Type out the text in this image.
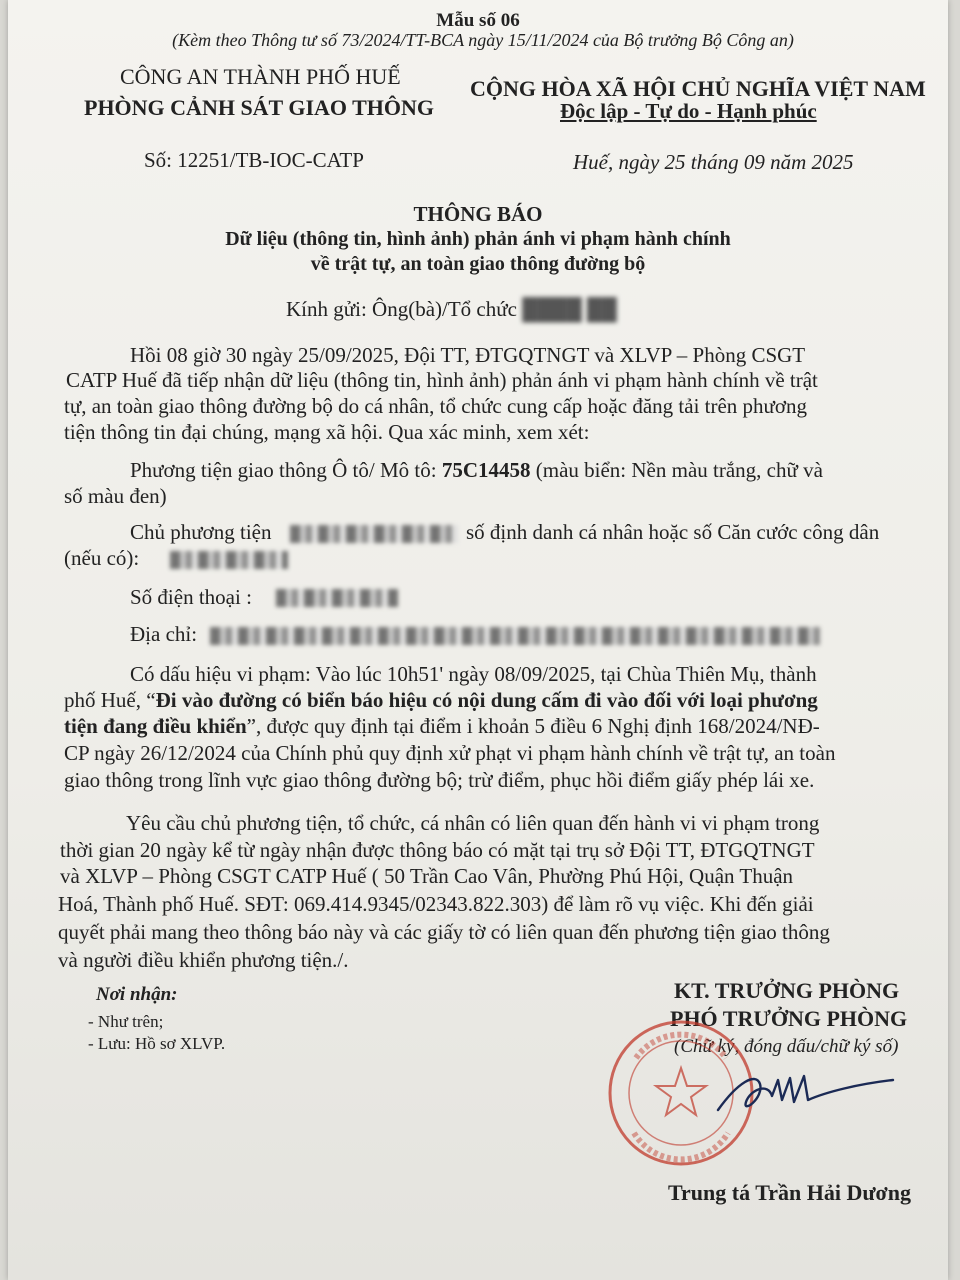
Mẫu số 06
(Kèm theo Thông tư số 73/2024/TT-BCA ngày 15/11/2024 của Bộ trưởng Bộ Công an)
CÔNG AN THÀNH PHỐ HUẾ
PHÒNG CẢNH SÁT GIAO THÔNG
CỘNG HÒA XÃ HỘI CHỦ NGHĨA VIỆT NAM
Độc lập - Tự do - Hạnh phúc
Số: 12251/TB-IOC-CATP	Huế, ngày 25 tháng 09 năm 2025
THÔNG BÁO
Dữ liệu (thông tin, hình ảnh) phản ánh vi phạm hành chính
về trật tự, an toàn giao thông đường bộ
Kính gửi: Ông(bà)/Tổ chức ████ ██
Hồi 08 giờ 30 ngày 25/09/2025, Đội TT, ĐTGQTNGT và XLVP – Phòng CSGT
CATP Huế đã tiếp nhận dữ liệu (thông tin, hình ảnh) phản ánh vi phạm hành chính về trật
tự, an toàn giao thông đường bộ do cá nhân, tổ chức cung cấp hoặc đăng tải trên phương
tiện thông tin đại chúng, mạng xã hội. Qua xác minh, xem xét:
Phương tiện giao thông Ô tô/ Mô tô: 75C14458 (màu biển: Nền màu trắng, chữ và
số màu đen)
Chủ phương tiện	số định danh cá nhân hoặc số Căn cước công dân
(nếu có):
Số điện thoại :
Địa chỉ:
Có dấu hiệu vi phạm: Vào lúc 10h51' ngày 08/09/2025, tại Chùa Thiên Mụ, thành
phố Huế, “Đi vào đường có biển báo hiệu có nội dung cấm đi vào đối với loại phương
tiện đang điều khiển”, được quy định tại điểm i khoản 5 điều 6 Nghị định 168/2024/NĐ-
CP ngày 26/12/2024 của Chính phủ quy định xử phạt vi phạm hành chính về trật tự, an toàn
giao thông trong lĩnh vực giao thông đường bộ; trừ điểm, phục hồi điểm giấy phép lái xe.
Yêu cầu chủ phương tiện, tổ chức, cá nhân có liên quan đến hành vi vi phạm trong
thời gian 20 ngày kể từ ngày nhận được thông báo có mặt tại trụ sở Đội TT, ĐTGQTNGT
và XLVP – Phòng CSGT CATP Huế ( 50 Trần Cao Vân, Phường Phú Hội, Quận Thuận
Hoá, Thành phố Huế. SĐT: 069.414.9345/02343.822.303) để làm rõ vụ việc. Khi đến giải
quyết phải mang theo thông báo này và các giấy tờ có liên quan đến phương tiện giao thông
và người điều khiển phương tiện./.
Nơi nhận:
- Như trên;
- Lưu: Hồ sơ XLVP.
KT. TRƯỞNG PHÒNG
PHÓ TRƯỞNG PHÒNG
(Chữ ký, đóng dấu/chữ ký số)
Trung tá Trần Hải Dương
